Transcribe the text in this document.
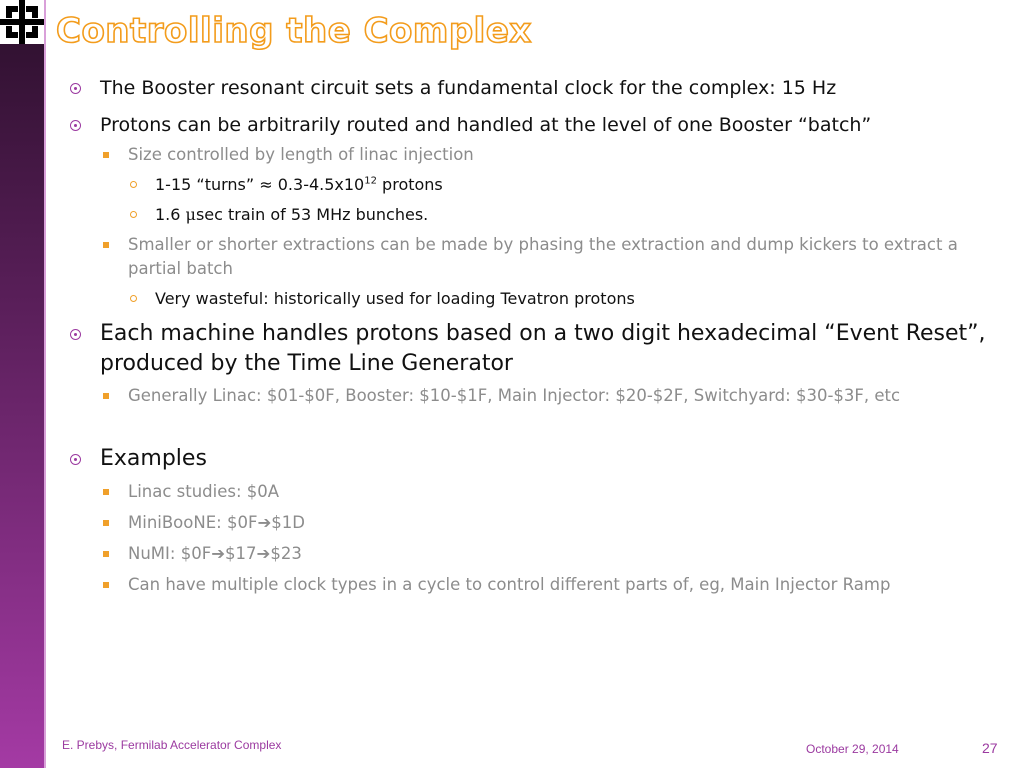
Controlling the Complex
The Booster resonant circuit sets a fundamental clock for the complex: 15 Hz
Protons can be arbitrarily routed and handled at the level of one Booster “batch”
Size controlled by length of linac injection
1-15 “turns” ≈ $0.3-4.5x10^{12}$ protons
1.6 μsec train of 53 MHz bunches.
Smaller or shorter extractions can be made by phasing the extraction and dump kickers to extract a partial batch
Very wasteful: historically used for loading Tevatron protons
Each machine handles protons based on a two digit hexadecimal “Event Reset”, produced by the Time Line Generator
Generally Linac: $01-$0F, Booster: $10-$1F, Main Injector: $20-$2F, Switchyard: $30-$3F, etc
Examples
Linac studies: $0A
MiniBooNE: $0F➔$1D
NuMI: $0F➔$17➔$23
Can have multiple clock types in a cycle to control different parts of, eg, Main Injector Ramp
E. Prebys, Fermilab Accelerator Complex	October 29, 2014	27
